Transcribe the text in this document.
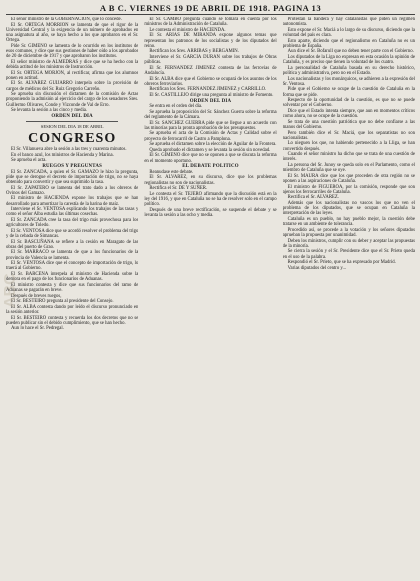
ABC
A B C. VIERNES 19 DE ABRIL DE 1918. PAGINA 13

El señor ministro de la GOBERNACION, que lo concede.

El Sr. ORTEGA MORRION se lamenta de que el rigor de la Universidad Central y la exigencia de un número de aprobados en una asignatura al año, se haya hecho a los que aprobaron en el Sr. Ortega.

Pide Sr. GIMENO se lamenta de lo ocurrido en los institutos de esos comunes, y dice que sus gestiones de haber oído a los aprobados de 20 de diciembre de 1917 y que aprobaron los institutos.

El señor ministro de ALMEDRAS y dice que se ha hecho con la debida actitud de los ministros de Instrucción.

El Sr. ORTEGA MORJON, al rectificar, afirma que los alumnos ponen en actitud.

El Sr. ALVAREZ GUIJARRO interpela sobre la provisión de cargos de médicos del Sr. Ruiz Gregorio Carreño.

Se aprueba sin discusión el dictamen de la comisión de Actas proponiendo la admisión al ejercicio del cargo de los senadores Sres. Guillermo Olivares, Conde y Vizconde de Val de Erro.

Se levanta la sesión a las cinco y media.

ORDEN DEL DIA

SESION DEL DIA 18 DE ABRIL

CONGRESO

El Sr. Villanueva abre la sesión a las tres y cuarenta minutos.

En el banco azul, los ministros de Hacienda y Marina.

Se aprueba el acta.

RUEGOS Y PREGUNTAS

El Sr. ZANCADA, a quien el Sr. GAMAZO le hizo la pregunta, pide que se derogue el decreto de importación de trigo, no se haya obtenido para convertir y que sea suprimido la tasa.

El Sr. ZAPATERO se lamenta del trato dado a los obreros de Ovinos del Gamazo.

El ministro de HACIENDA expone los trabajos que se han desarrollado para amortizar la carestía de la harina de maíz.

Interviene el Sr. VENTOSA explicando los trabajos de las tasas y como el señor Alba estudia las últimas cosechas.

El Sr. ZANCADA cree la tasa del trigo más provechosa para los agricultores de Toledo.

El Sr. VENTOSA dice que se acordó resolver el problema del trigo y de la cebada de Simancas.

El Sr. BASCUÑANA se refiere a la cesión en Maragato de las obras del puerto de Grao.

El Sr. MARRACO se lamenta de que a los funcionarios de la provincia de Valencia se lamenta.

El Sr. VENTOSA dice que el concepto de importación de trigo, lo traerá al Gobierno.

El Sr. BARCENA interpela al ministro de Hacienda sobre la demora en el pago de los funcionarios de Aduanas.

El ministro contesta y dice que sus funcionarios del ramo de Aduanas se pagarán en breve.

Después de breves ruegos,

El Sr. BESTEIRO pregunta al presidente del Consejo.

El Sr. ALBA contesta dando por leído el discurso pronunciado en la sesión anterior.

El Sr. BESTEIRO contesta y recuerda los dos decretos que no se pueden publicar sin el debido cumplimiento, que se han hecho.

Aun lo hace el Sr. Pedregal.

El Sr. CAMBO pregunta cuándo se tomará en cuenta por los ministros de la Administración de Cataluña.

Le contesta el ministro de HACIENDA.

El Sr. ARIAS DE MIRANDA expone algunos temas que representan los patronos de los socialistas y de los diputados del reino.

Rectifican los Sres. ARRIBAS y BERGAMIN.

Interviene el Sr. GARCIA DURAN sobre los trabajos de Obras públicas.

El Sr. FERNANDEZ JIMENEZ contesta de las ferrovias de Andalucía.

El Sr. ALBA dice que el Gobierno se ocupará de los asuntos de los obreros ferroviarios.

Rectifican los Sres. FERNANDEZ JIMENEZ y CARRILLO.

El Sr. CASTILLEJO dirige una pregunta al ministro de Fomento.

ORDEN DEL DIA

Se entra en el orden del día.

Se aprueba la proposición del Sr. Sánchez Guerra sobre la reforma del reglamento de la Cámara.

El Sr. SANCHEZ GUERRA pide que se llegue a un acuerdo con las minorías para la pronta aprobación de los presupuestos.

Se aprueba el acta de la Comisión de Actas y Calidad sobre el proyecto de ferrocarril de Castro a Pamplona.

Se aprueba el dictamen sobre la elección de Aguilar de la Frontera.

Queda aprobado el dictamen y se levanta la sesión sin novedad.

El Sr. GIMENO dice que no se oponen a que se discuta la reforma en el momento oportuno.

EL DEBATE POLITICO

Reanudase este debate.

El Sr. ALVAREZ, en su discurso, dice que los problemas regionalistas no son de nacionalistas.

Rectifica el Sr. DE Y SUÑER.

Le contesta el Sr. TEJERO afirmando que la discusión está en la ley del 1916, y que en Cataluña no se ha de resolver solo en el campo político.

Después de una breve rectificación, se suspende el debate y se levanta la sesión a las ocho y media.

Protestan la bandera y hay catalanistas que piden un régimen autonomista.

Esto expone el Sr. Maciá a lo largo de su discurso, diciendo que la voluntad del país es clara.

Esto aparte, diciendo que el regionalismo en Cataluña no es un problema de España.

Aun dice el Sr. Bofarull que no deben tener parte con el Gobierno.

Los diputados de la Liga no expresan en esta ocasión la opinión de Cataluña, y es preciso que tienen la voluntad de los cuatro.

La personalidad de Cataluña basada en su derecho histórico, política y administrativa, pero no en el Estado.

Los nacionalistas y los monárquicos, se adhieren a la expresión del Sr. Ventosa.

Pide que el Gobierno se ocupe de la cuestión de Cataluña en la forma que se pide.

Respecto de la oportunidad de la cuestión, es que no se puede solventar por el Gobierno.

Dice que el Estado intenta siempre, que aun en momentos críticos como ahora, no se ocupe de la cuestión.

Se trata de una cuestión patriótica que no debe confiarse a las manos del Gobierno.

Pero también dice el Sr. Maciá, que los separatistas no son nacionalistas.

Lo nieguen los que, no habiendo pertenecido a la Lliga, se han convertido después.

Cuando el señor ministro ha dicho que se trata de una cuestión de interés.

La persona del Sr. Junoy se queda solo en el Parlamento, como el miembro de Cataluña que se oye.

El Sr. MAURA dice que los que proceden de otra región no se oponen a las aspiraciones de Cataluña.

El ministro de FIGUEROA, por la comisión, responde que son ajenos los ferrocarriles de Cataluña.

Rectifica el Sr. ALVAREZ.

Además que los nacionalistas no vascos los que no ven el problema de los diputados, que se ocupan en Cataluña la interpretación de las leyes.

Cataluña es un pueblo, no hay pueblo mejor, la cuestión debe tratarse en un ambiente de tolerancia.

Procedido así, se procede a la votación y los señores diputados aprueban la propuesta por unanimidad.

Deben los ministros, cumplir con su deber y aceptar las propuestas de la minoría.

Se cierra la sesión y el Sr. Presidente dice que el Sr. Prieto queda en el uso de la palabra.

Respondió el Sr. Prieto, que se ha expresado por Madrid.

Varias diputados del centro y...
